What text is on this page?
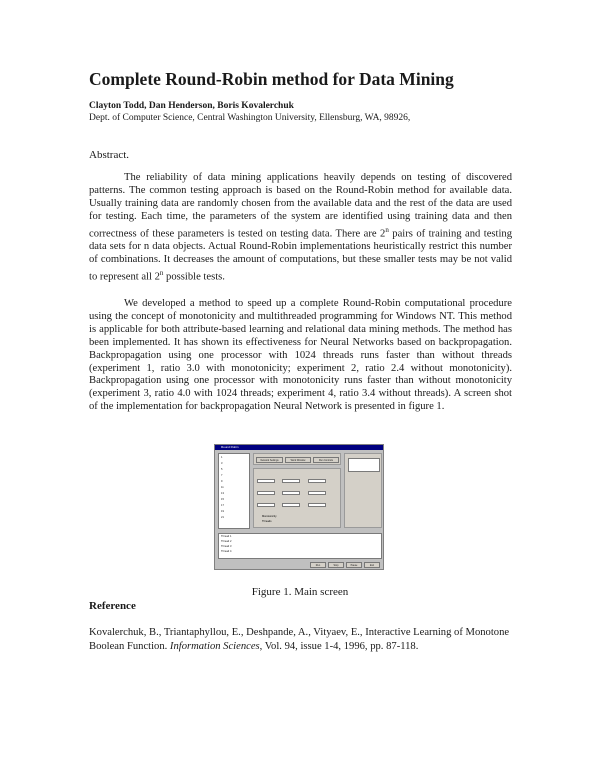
Complete Round-Robin method for Data Mining
Clayton Todd, Dan Henderson, Boris Kovalerchuk
Dept. of Computer Science, Central Washington University, Ellensburg, WA, 98926,
Abstract.

The reliability of data mining applications heavily depends on testing of discovered patterns. The common testing approach is based on the Round-Robin method for available data. Usually training data are randomly chosen from the available data and the rest of the data are used for testing. Each time, the parameters of the system are identified using training data and then correctness of these parameters is tested on testing data. There are 2$^n$ pairs of training and testing data sets for n data objects. Actual Round-Robin implementations heuristically restrict this number of combinations. It decreases the amount of computations, but these smaller tests may be not valid to represent all 2$^n$ possible tests.

We developed a method to speed up a complete Round-Robin computational procedure using the concept of monotonicity and multithreaded programming for Windows NT. This method is applicable for both attribute-based learning and relational data mining methods. The method has been implemented. It has shown its effectiveness for Neural Networks based on backpropagation. Backpropagation using one processor with 1024 threads runs faster than without threads (experiment 1, ratio 3.0 with monotonicity; experiment 2, ratio 2.4 without monotonicity). Backpropagation using one processor with monotonicity runs faster than without monotonicity (experiment 3, ratio 4.0 with 1024 threads; experiment 4, ratio 3.4 without threads). A screen shot of the implementation for backpropagation Neural Network is presented in figure 1.

Round Robin
1
3
5
7
9
11
13
15
17
19
21
Network Settings	Word Window	Run Controls
Monotonicity
Threads
Thread 1
Thread 2
Thread 3
Thread 4
Run	Stop	Pause	Exit
Figure 1. Main screen
Reference
Kovalerchuk, B., Triantaphyllou, E., Deshpande, A., Vityaev, E., Interactive Learning of Monotone Boolean Function. Information Sciences, Vol. 94, issue 1-4, 1996, pp. 87-118.
